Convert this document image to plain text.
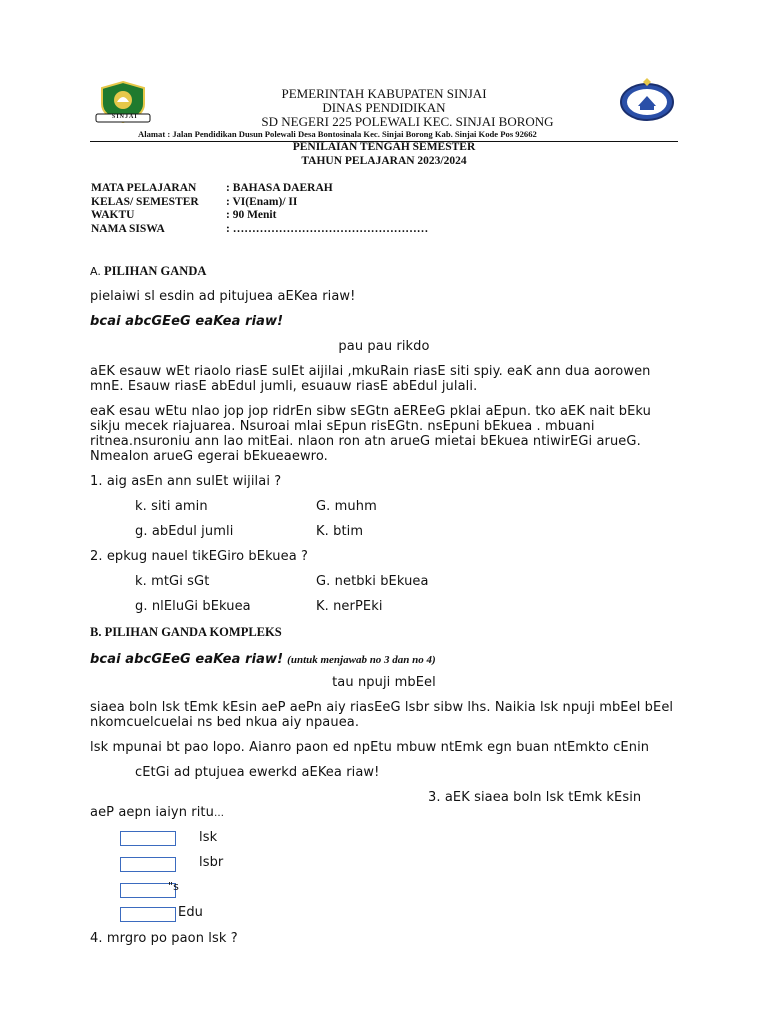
SINJAI
PEMERINTAH KABUPATEN SINJAI
DINAS PENDIDIKAN
SD NEGERI 225 POLEWALI KEC. SINJAI BORONG
Alamat : Jalan Pendidikan Dusun Polewali Desa Bontosinala Kec. Sinjai Borong Kab. Sinjai Kode Pos 92662
PENILAIAN TENGAH SEMESTER
TAHUN PELAJARAN 2023/2024
MATA PELAJARAN	: BAHASA DAERAH
KELAS/ SEMESTER : VI(Enam)/ II
WAKTU	: 90 Menit
NAMA SISWA	: ……………………………………………
A. PILIHAN GANDA
pielaiwi sl esdin ad pitujuea aEKea riaw!
bcai abcGEeG eaKea riaw!
pau pau rikdo
aEK esauw wEt riaolo riasE sulEt aijilai ,mkuRain riasE siti spiy. eaK ann dua aorowen mnE. Esauw riasE abEdul jumli, esuauw riasE abEdul julali.
eaK esau wEtu nlao jop jop ridrEn sibw sEGtn aEREeG pklai aEpun. tko aEK nait bEku sikju mecek riajuarea. Nsuroai mlai sEpun risEGtn. nsEpuni bEkuea . mbuani ritnea.nsuroniu ann lao mitEai. nlaon ron atn arueG mietai bEkuea ntiwirEGi arueG. Nmealon arueG egerai bEkueaewro.
1. aig asEn ann sulEt wijilai ?
k. siti amin	G. muhm
g. abEdul jumli	K. btim
2. epkug nauel tikEGiro bEkuea ?
k. mtGi sGt	G. netbki bEkuea
g. nlEluGi bEkuea	K. nerPEki
B. PILIHAN GANDA KOMPLEKS
bcai abcGEeG eaKea riaw! (untuk menjawab no 3 dan no 4)
tau npuji mbEel
siaea boln lsk tEmk kEsin aeP aePn aiy riasEeG lsbr sibw lhs. Naikia lsk npuji mbEel bEel nkomcuelcuelai ns bed nkua aiy npauea.
lsk mpunai bt pao lopo. Aianro paon ed npEtu mbuw ntEmk egn buan ntEmkto cEnin
cEtGi ad ptujuea ewerkd aEKea riaw!
3. aEK siaea boln lsk tEmk kEsin
aeP aepn iaiyn ritu…
lsk
lsbr
"s
Edu
4. mrgro po paon lsk ?
